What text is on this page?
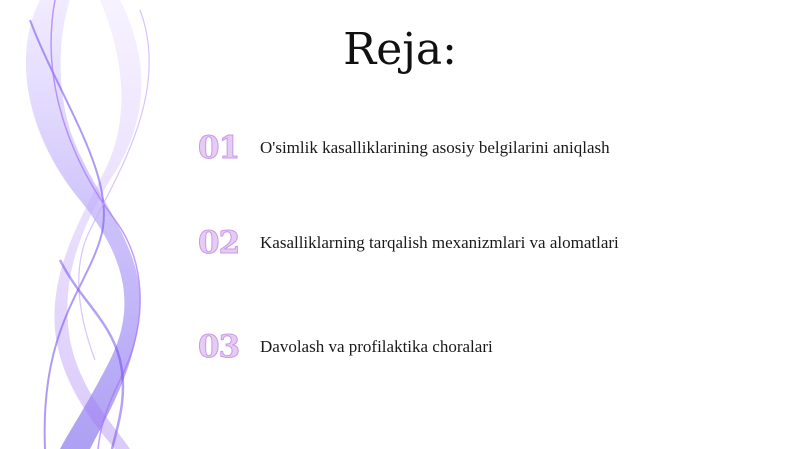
Reja:
01	O'simlik kasalliklarining asosiy belgilarini aniqlash
02	Kasalliklarning tarqalish mexanizmlari va alomatlari
03	Davolash va profilaktika choralari
